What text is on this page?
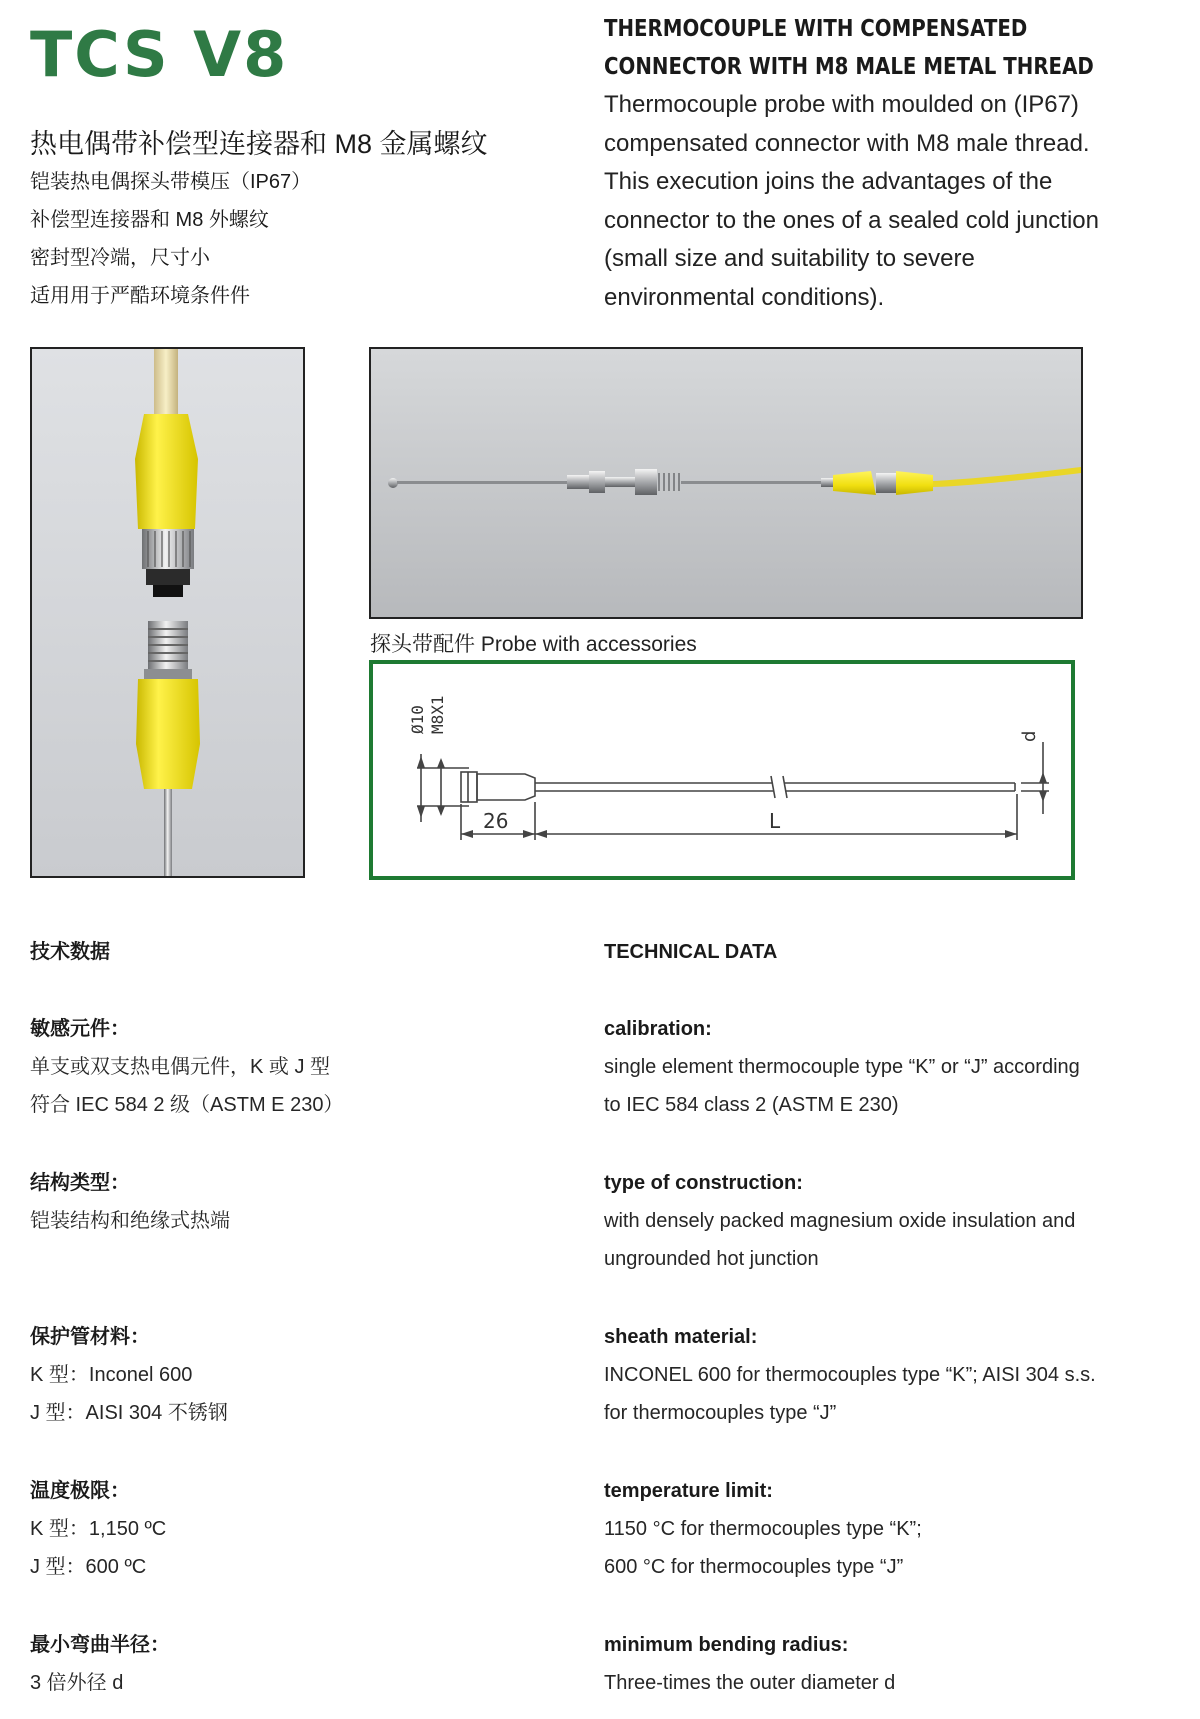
TCS V8
热电偶带补偿型连接器和 M8 金属螺纹
铠装热电偶探头带模压（IP67）
补偿型连接器和 M8 外螺纹
密封型冷端，尺寸小
适用用于严酷环境条件件
THERMOCOUPLE WITH COMPENSATED
CONNECTOR WITH M8 MALE METAL THREAD
Thermocouple probe with moulded on (IP67)
compensated connector with M8 male thread.
This execution joins the advantages of the
connector to the ones of a sealed cold junction
(small size and suitability to severe
environmental conditions).
探头带配件 Probe with accessories
Ø10 M8X1
d
26	L
技术数据	TECHNICAL DATA
敏感元件：
单支或双支热电偶元件，K 或 J 型
符合 IEC 584 2 级（ASTM E 230）
calibration:
single element thermocouple type “K” or “J” according
to IEC 584 class 2 (ASTM E 230)
结构类型：
铠装结构和绝缘式热端
type of construction:
with densely packed magnesium oxide insulation and
ungrounded hot junction
保护管材料：
K 型：Inconel 600
J 型：AISI 304 不锈钢
sheath material:
INCONEL 600 for thermocouples type “K”; AISI 304 s.s.
for thermocouples type “J”
温度极限：
K 型：1,150 ºC
J 型：600 ºC
temperature limit:
1150 °C for thermocouples type “K”;
600 °C for thermocouples type “J”
最小弯曲半径：
3 倍外径 d
minimum bending radius:
Three-times the outer diameter d
